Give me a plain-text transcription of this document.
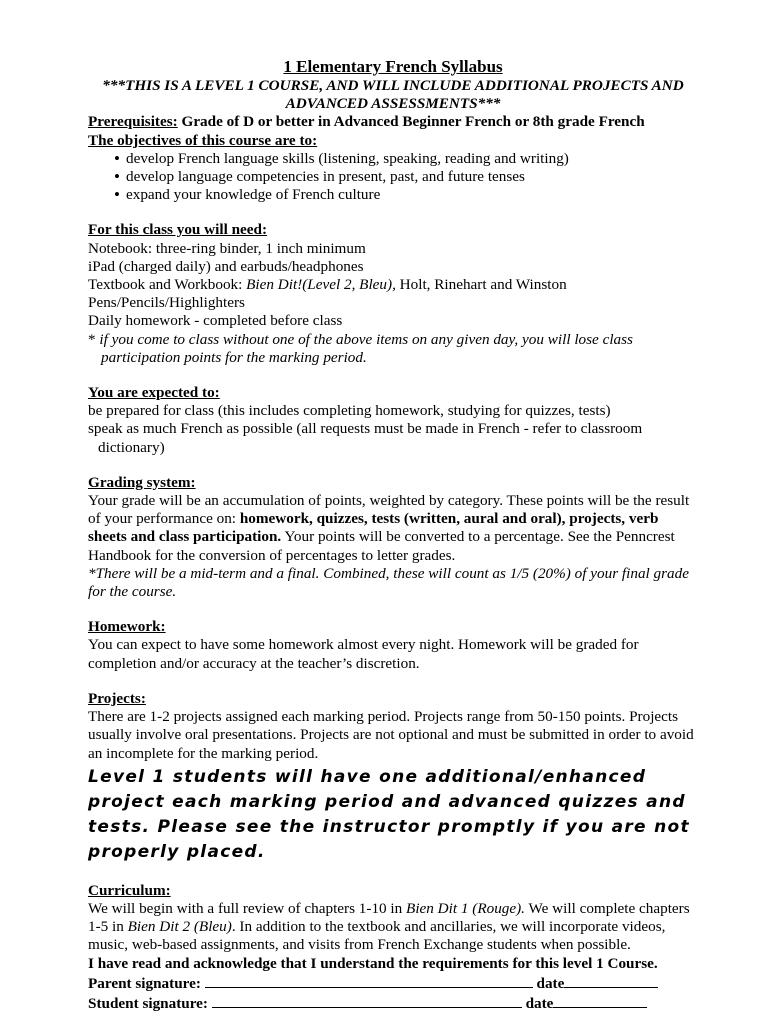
1 Elementary French Syllabus

***THIS IS A LEVEL 1 COURSE, AND WILL INCLUDE ADDITIONAL PROJECTS AND ADVANCED ASSESSMENTS***

Prerequisites: Grade of D or better in Advanced Beginner French or 8th grade French

The objectives of this course are to:

• develop French language skills (listening, speaking, reading and writing)
• develop language competencies in present, past, and future tenses
• expand your knowledge of French culture

For this class you will need:

Notebook: three-ring binder, 1 inch minimum

iPad (charged daily) and earbuds/headphones

Textbook and Workbook: Bien Dit!(Level 2, Bleu), Holt, Rinehart and Winston

Pens/Pencils/Highlighters

Daily homework - completed before class

* if you come to class without one of the above items on any given day, you will lose class participation points for the marking period.

You are expected to:

be prepared for class (this includes completing homework, studying for quizzes, tests)

speak as much French as possible (all requests must be made in French - refer to classroom dictionary)

Grading system:

Your grade will be an accumulation of points, weighted by category. These points will be the result of your performance on: homework, quizzes, tests (written, aural and oral), projects, verb sheets and class participation. Your points will be converted to a percentage. See the Penncrest Handbook for the conversion of percentages to letter grades.

*There will be a mid-term and a final. Combined, these will count as 1/5 (20%) of your final grade for the course.

Homework:

You can expect to have some homework almost every night. Homework will be graded for completion and/or accuracy at the teacher’s discretion.

Projects:

There are 1-2 projects assigned each marking period. Projects range from 50-150 points. Projects usually involve oral presentations. Projects are not optional and must be submitted in order to avoid an incomplete for the marking period.

Level 1 students will have one additional/enhanced project each marking period and advanced quizzes and tests. Please see the instructor promptly if you are not properly placed.

Curriculum:

We will begin with a full review of chapters 1-10 in Bien Dit 1 (Rouge). We will complete chapters 1-5 in Bien Dit 2 (Bleu). In addition to the textbook and ancillaries, we will incorporate videos, music, web-based assignments, and visits from French Exchange students when possible.

I have read and acknowledge that I understand the requirements for this level 1 Course.

Parent signature:	date

Student signature:	date
